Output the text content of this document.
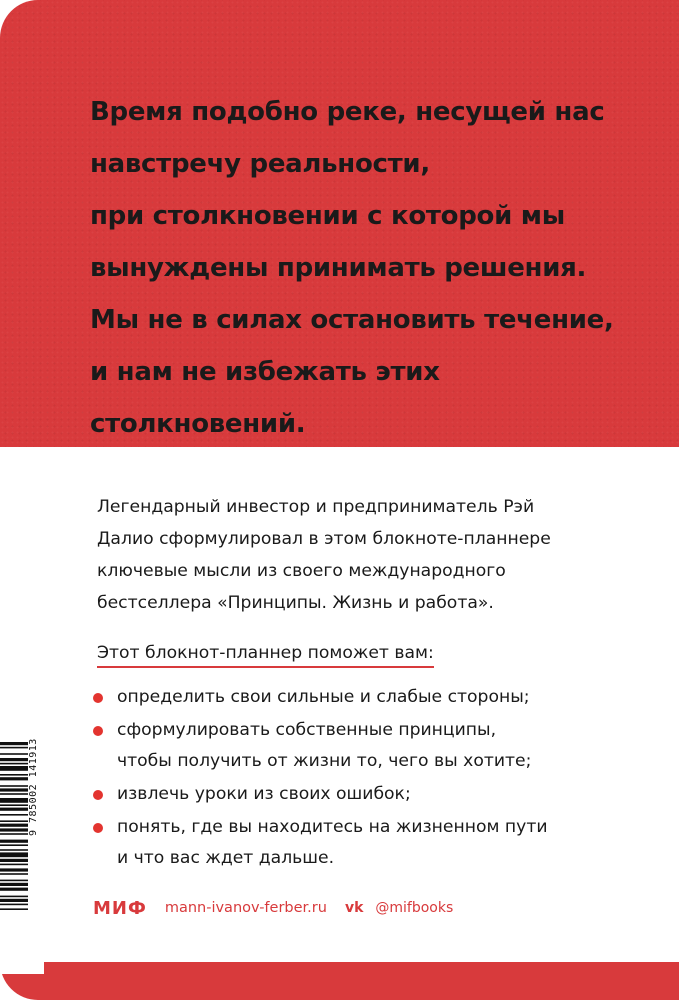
Время подобно реке, несущей нас
навстречу реальности,
при столкновении с которой мы
вынуждены принимать решения.
Мы не в силах остановить течение,
и нам не избежать этих
столкновений.
Легендарный инвестор и предприниматель Рэй
Далио сформулировал в этом блокноте-планнере
ключевые мысли из своего международного
бестселлера «Принципы. Жизнь и работа».
Этот блокнот-планнер поможет вам:
определить свои сильные и слабые стороны;
сформулировать собственные принципы,
чтобы получить от жизни то, чего вы хотите;
извлечь уроки из своих ошибок;
понять, где вы находитесь на жизненном пути
и что вас ждет дальше.
МИФ mann-ivanov-ferber.ru vk @mifbooks
9 785002 141913
